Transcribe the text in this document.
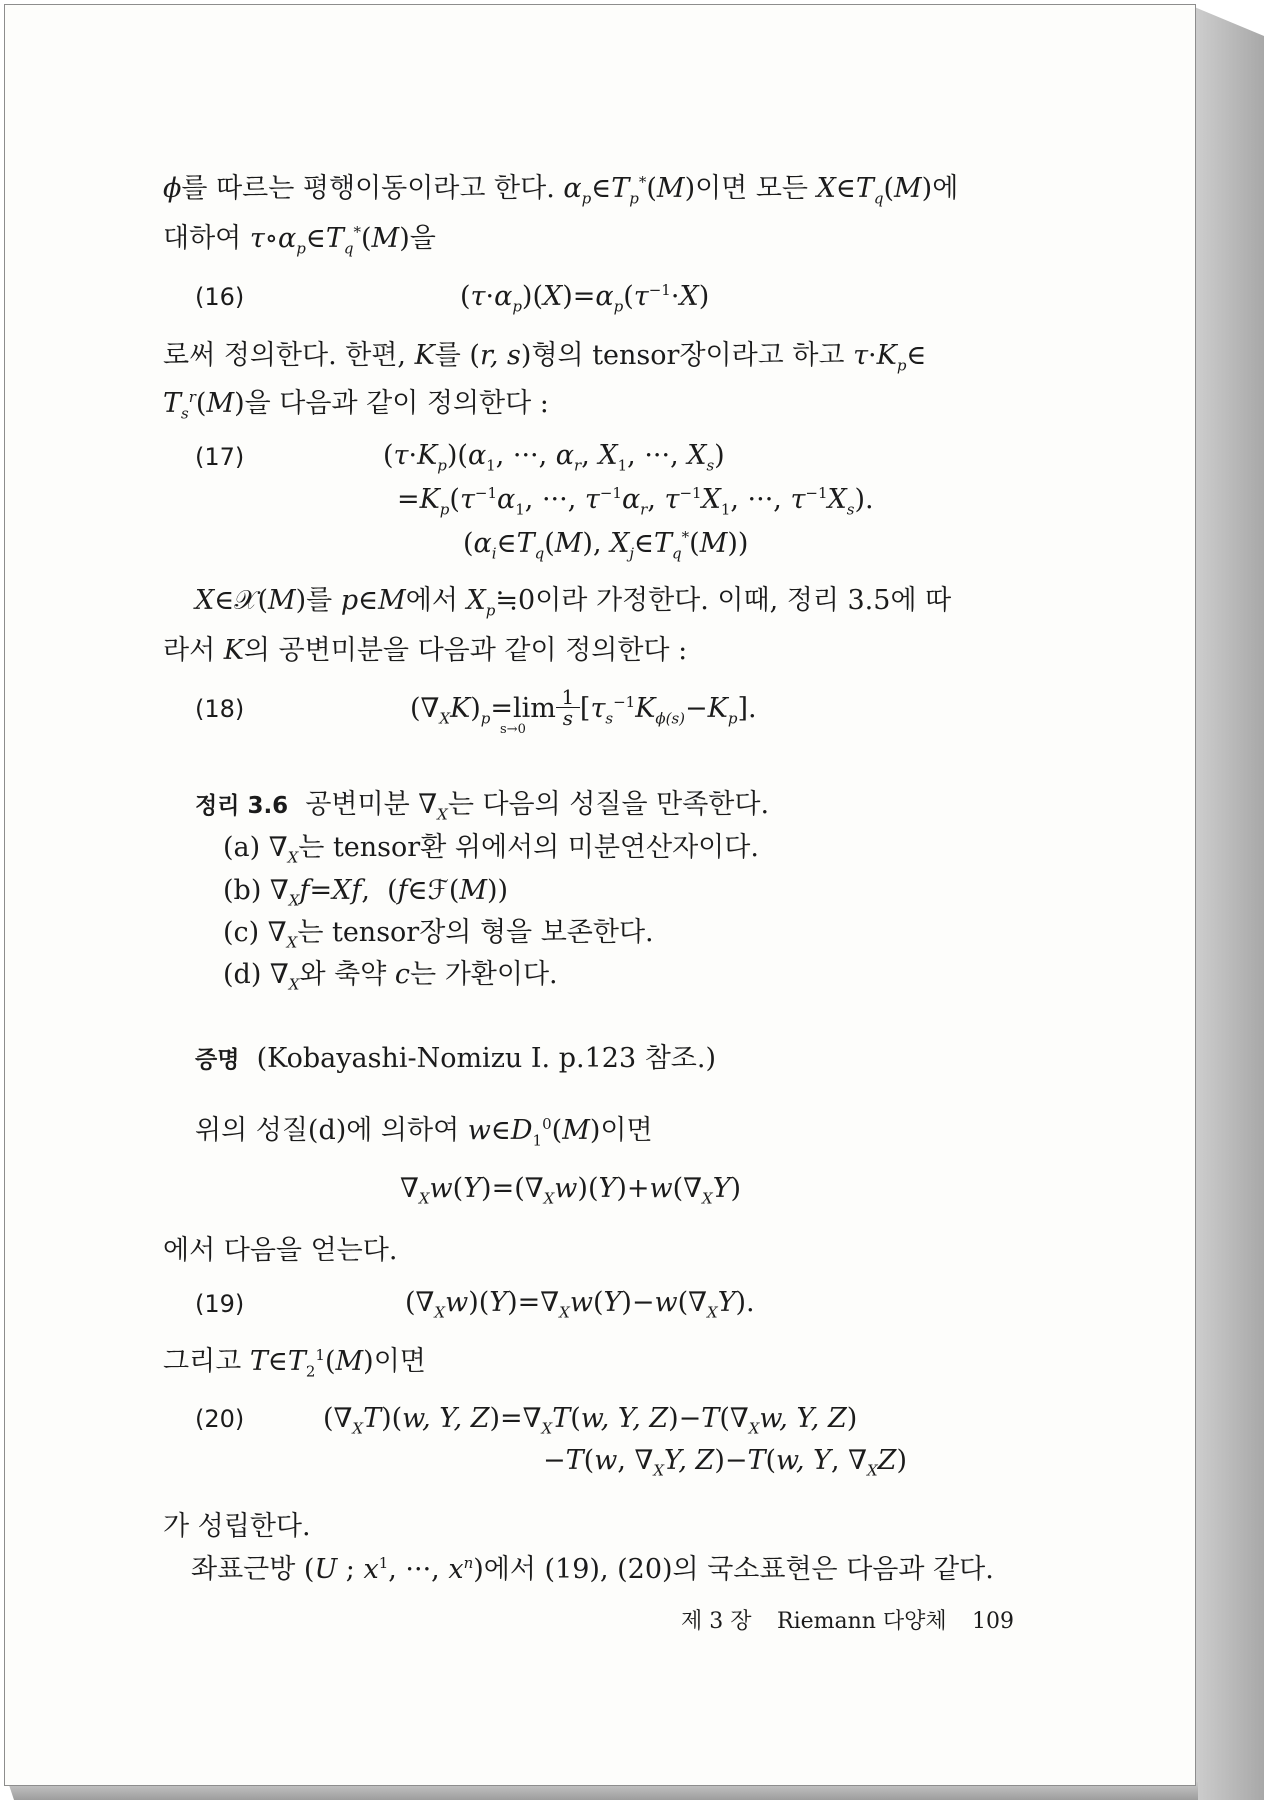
ϕ를 따르는 평행이동이라고 한다. $\alpha_p\in T_p^*(M)$이면 모든 $X\in T_q(M)$에
대하여 $\tau\circ\alpha_p\in T_q^*(M)$을
(16)	$(\tau\cdot\alpha_p)(X)=\alpha_p(\tau^{-1}\cdot X)$
로써 정의한다. 한편, K를 (r, s)형의 tensor장이라고 하고 $\tau\cdot K_p\in$
$T_s^r(M)$을 다음과 같이 정의한다 :
(17)	$(\tau\cdot K_p)(\alpha_1$, ···, $\alpha_r$, $X_1$, ···, $X_s$)
$=K_p(\tau^{-1}\alpha_1$, ···, $\tau^{-1}\alpha_r$, $\tau^{-1}X_1$, ···, $\tau^{-1}X_s$).
($\alpha_i\in T_q(M)$, $X_j\in T_q^*(M)$)
X∈𝒳(M)를 p∈M에서 $X_p≒0$이라 가정한다. 이때, 정리 3.5에 따
라서 K의 공변미분을 다음과 같이 정의한다 :
(18)	$(\nabla_XK)_p=\lim \frac{1}{s} [\tau_s^{-1}K_{\phi(s)}-K_p]$.
s→0
정리 3.6  공변미분 $\nabla_X$는 다음의 성질을 만족한다.
(a) $\nabla_X$는 tensor환 위에서의 미분연산자이다.
(b) $\nabla_Xf=Xf$,  (f∈ℱ(M))
(c) $\nabla_X$는 tensor장의 형을 보존한다.
(d) $\nabla_X$와 축약 c는 가환이다.
증명  (Kobayashi-Nomizu Ⅰ. p.123 참조.)
위의 성질(d)에 의하여 $w\in D_1^0(M)$이면
$\nabla_Xw(Y)=(\nabla_Xw)(Y)+w(\nabla_XY)$
에서 다음을 얻는다.
(19)	$(\nabla_Xw)(Y)=\nabla_Xw(Y)-w(\nabla_XY)$.
그리고 $T\in T_2^1(M)$이면
(20)	$(\nabla_XT)(w$, Y, $Z)=\nabla_XT(w$, Y, $Z)-T(\nabla_Xw$, Y, Z)
−T(w, $\nabla_XY$, Z)−T(w, Y, $\nabla_XZ$)
가 성립한다.
좌표근방 (U ; $x^1$, ···, $x^n$)에서 (19), (20)의 국소표현은 다음과 같다.
제 3 장 Riemann 다양체 109
